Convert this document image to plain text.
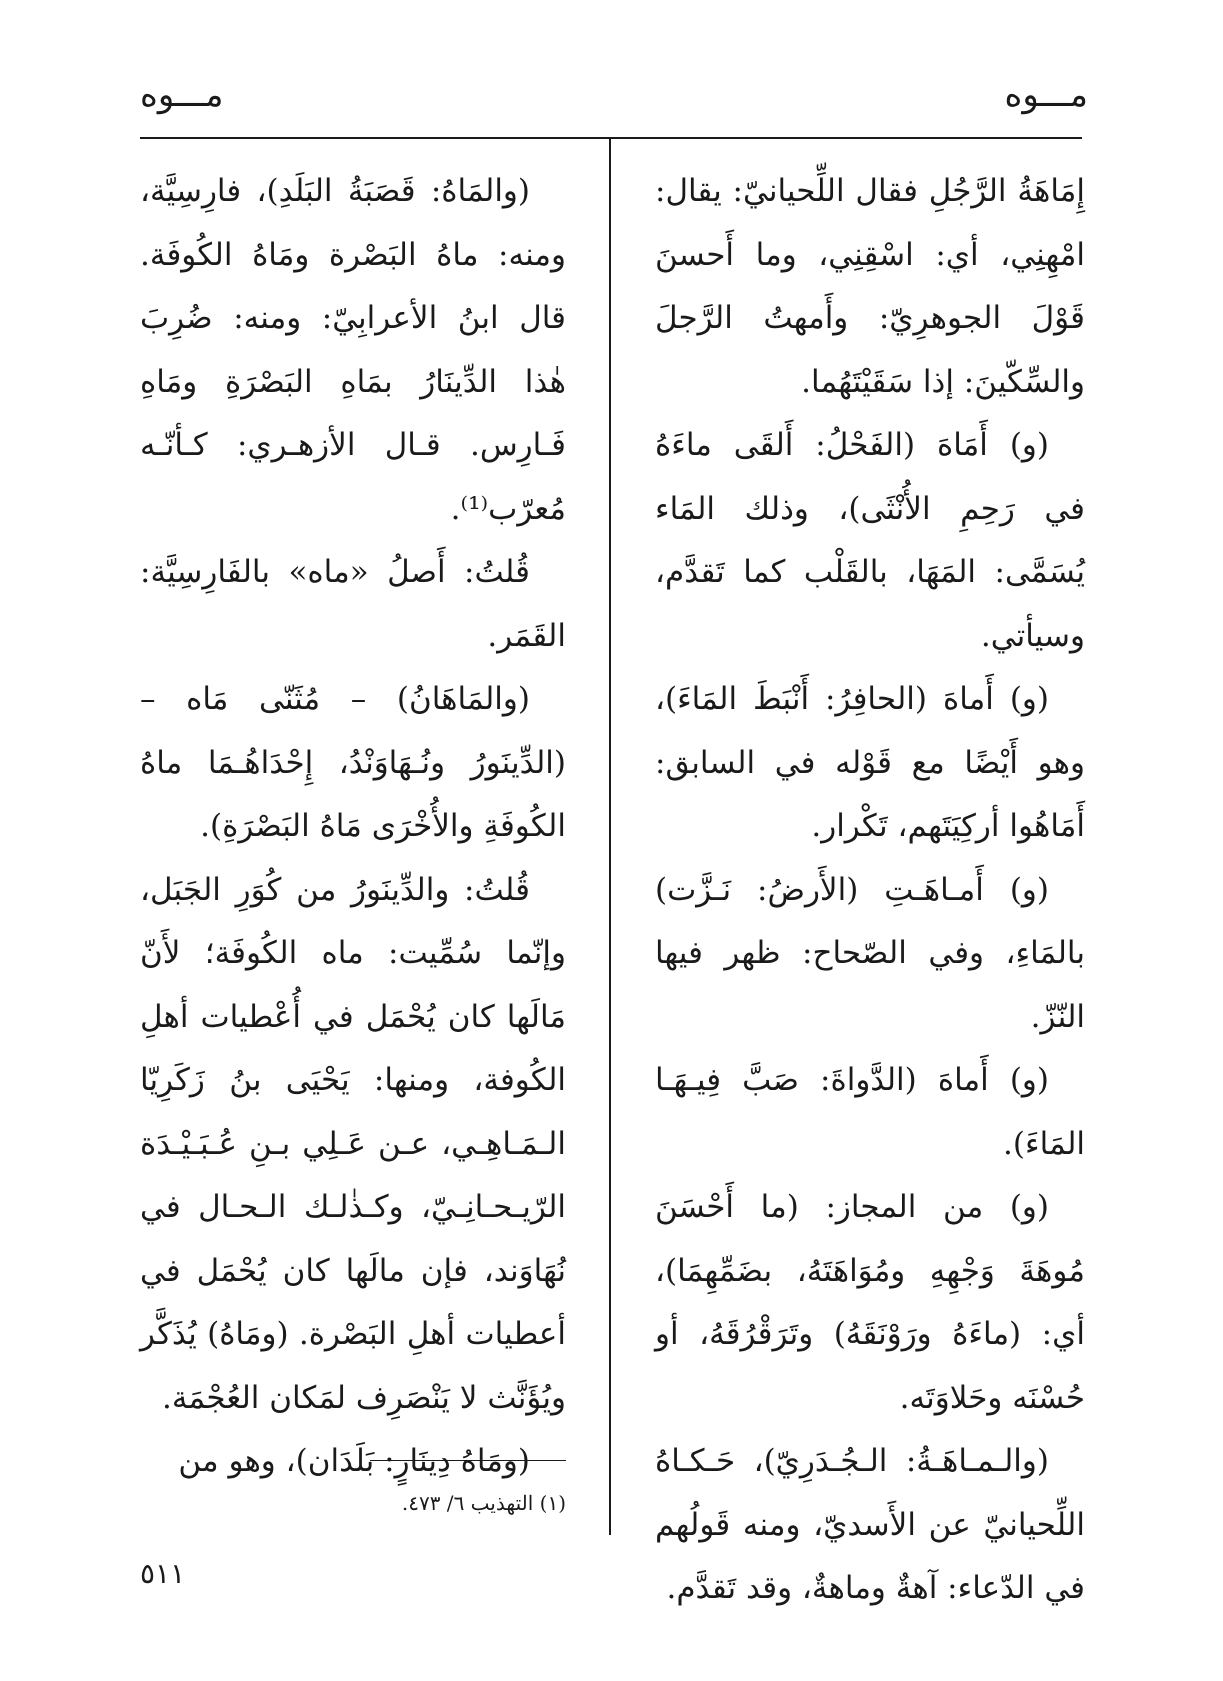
مـــوه
مـــوه

إِمَاهَةُ الرَّجُلِ فقال اللِّحيانيّ: يقال: امْهِنِي، أي: اسْقِنِي، وما أَحسنَ قَوْلَ الجوهرِيّ: وأَمهتُ الرَّجلَ والسِّكّينَ: إذا سَقَيْتَهُما.

(و) أَمَاهَ (الفَحْلُ: أَلقَى ماءَهُ في رَحِمِ الأُنْثَى)، وذلك المَاء يُسَمَّى: المَهَا، بالقَلْب كما تَقدَّم، وسيأتي.

(و) أَماهَ (الحافِرُ: أَنْبَطَ المَاءَ)، وهو أَيْضًا مع قَوْله في السابق: أَمَاهُوا أركِيَتَهم، تَكْرار.

(و) أَمـاهَـتِ (الأَرضُ: نَـزَّت) بالمَاءِ، وفي الصّحاح: ظهر فيها النّزّ.

(و) أَماهَ (الدَّواةَ: صَبَّ فِيـهَـا المَاءَ).

(و) من المجاز: (ما أَحْسَنَ مُوهَةَ وَجْهِهِ ومُوَاهَتَهُ، بضَمِّهِمَا)، أي: (ماءَهُ ورَوْنَقَهُ) وتَرَقْرُقَهُ، أو حُسْنَه وحَلاوَتَه.

(والـمـاهَـةُ: الـجُـدَرِيّ)، حَـكـاهُ اللِّحيانيّ عن الأَسديّ، ومنه قَولُهم في الدّعاء: آهةٌ وماهةٌ، وقد تَقدَّم.

(والمَاهُ: قَصَبَةُ البَلَدِ)، فارِسِيَّة، ومنه: ماهُ البَصْرة ومَاهُ الكُوفَة. قال ابنُ الأعرابِيّ: ومنه: ضُرِبَ هٰذا الدِّينَارُ بمَاهِ البَصْرَةِ ومَاهِ فَـارِس. قـال الأزهـري: كـأنّـه مُعرّب⁽¹⁾.

قُلتُ: أَصلُ «ماه» بالفَارِسِيَّة: القَمَر.

(والمَاهَانُ) – مُثَنّى مَاه – (الدِّينَورُ ونُـهَاوَنْدُ، إِحْدَاهُـمَا ماهُ الكُوفَةِ والأُخْرَى مَاهُ البَصْرَةِ).

قُلتُ: والدِّينَورُ من كُوَرِ الجَبَل، وإنّما سُمِّيت: ماه الكُوفَة؛ لأَنّ مَالَها كان يُحْمَل في أُعْطيات أهلِ الكُوفة، ومنها: يَحْيَى بنُ زَكَرِيّا الـمَـاهِـي، عـن عَـلِي بـنِ عُـبَـيْـدَة الرّيـحـانِـيّ، وكـذٰلـك الـحـال في نُهَاوَند، فإن مالَها كان يُحْمَل في أعطيات أهلِ البَصْرة. (ومَاهُ) يُذَكَّر ويُؤَنَّث لا يَنْصَرِف لمَكان العُجْمَة.

(ومَاهُ دِينَارٍ: بَلَدَان)، وهو من

(١) التهذيب ٦/ ٤٧٣.
٥١١
